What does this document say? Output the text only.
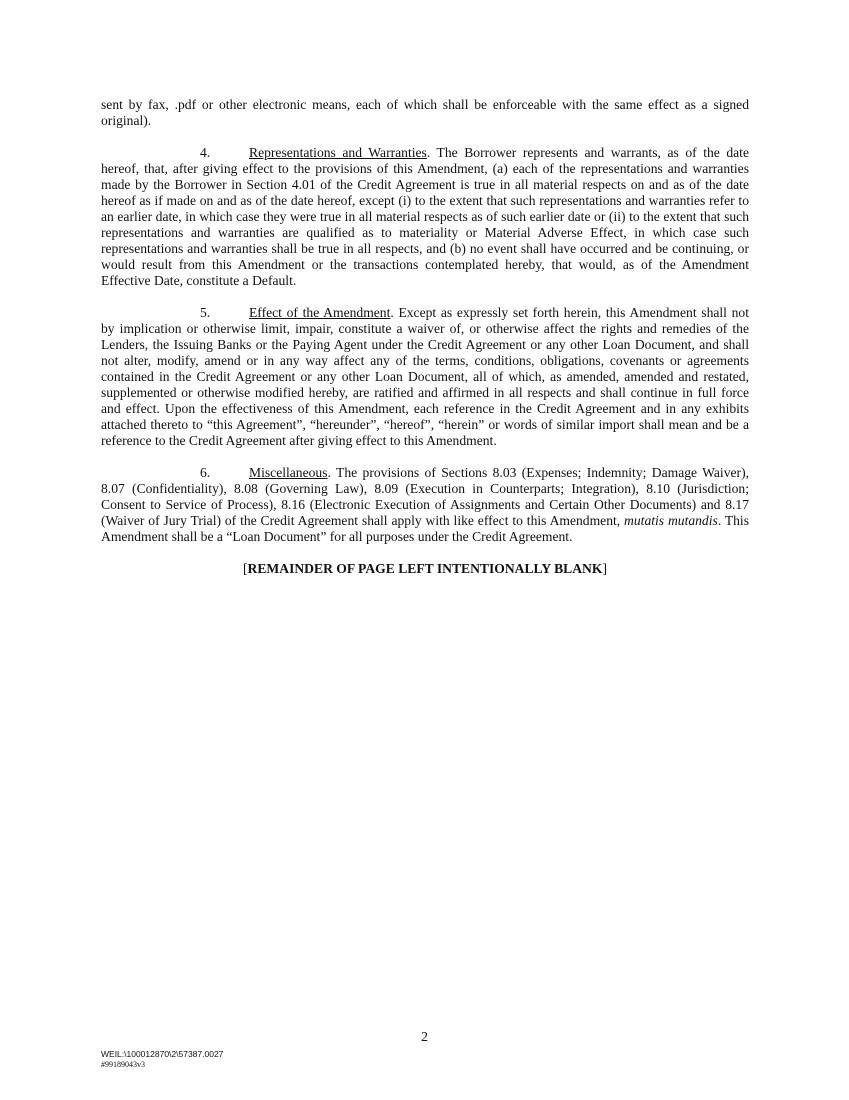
sent by fax, .pdf or other electronic means, each of which shall be enforceable with the same effect as a signed original).

4.	Representations and Warranties. The Borrower represents and warrants, as of the date hereof, that, after giving effect to the provisions of this Amendment, (a) each of the representations and warranties made by the Borrower in Section 4.01 of the Credit Agreement is true in all material respects on and as of the date hereof as if made on and as of the date hereof, except (i) to the extent that such representations and warranties refer to an earlier date, in which case they were true in all material respects as of such earlier date or (ii) to the extent that such representations and warranties are qualified as to materiality or Material Adverse Effect, in which case such representations and warranties shall be true in all respects, and (b) no event shall have occurred and be continuing, or would result from this Amendment or the transactions contemplated hereby, that would, as of the Amendment Effective Date, constitute a Default.

5.	Effect of the Amendment. Except as expressly set forth herein, this Amendment shall not by implication or otherwise limit, impair, constitute a waiver of, or otherwise affect the rights and remedies of the Lenders, the Issuing Banks or the Paying Agent under the Credit Agreement or any other Loan Document, and shall not alter, modify, amend or in any way affect any of the terms, conditions, obligations, covenants or agreements contained in the Credit Agreement or any other Loan Document, all of which, as amended, amended and restated, supplemented or otherwise modified hereby, are ratified and affirmed in all respects and shall continue in full force and effect. Upon the effectiveness of this Amendment, each reference in the Credit Agreement and in any exhibits attached thereto to “this Agreement”, “hereunder”, “hereof”, “herein” or words of similar import shall mean and be a reference to the Credit Agreement after giving effect to this Amendment.

6.	Miscellaneous. The provisions of Sections 8.03 (Expenses; Indemnity; Damage Waiver), 8.07 (Confidentiality), 8.08 (Governing Law), 8.09 (Execution in Counterparts; Integration), 8.10 (Jurisdiction; Consent to Service of Process), 8.16 (Electronic Execution of Assignments and Certain Other Documents) and 8.17 (Waiver of Jury Trial) of the Credit Agreement shall apply with like effect to this Amendment, mutatis mutandis. This Amendment shall be a “Loan Document” for all purposes under the Credit Agreement.

[REMAINDER OF PAGE LEFT INTENTIONALLY BLANK]

2
WEIL:\100012870\2\57387.0027
#99189043v3
